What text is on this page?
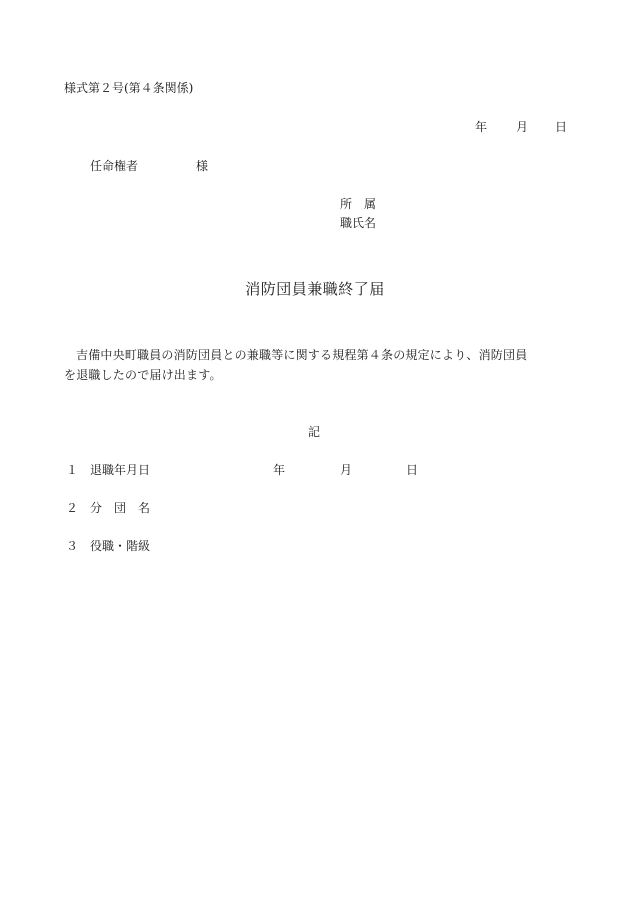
様式第２号(第４条関係)
年 月 日
任命権者	様
所 属
職氏名
消防団員兼職終了届
吉備中央町職員の消防団員との兼職等に関する規程第４条の規定により、消防団員
を退職したので届け出ます。
記
１ 退職年月日	年	月	日
２ 分　団　名
３ 役職・階級
